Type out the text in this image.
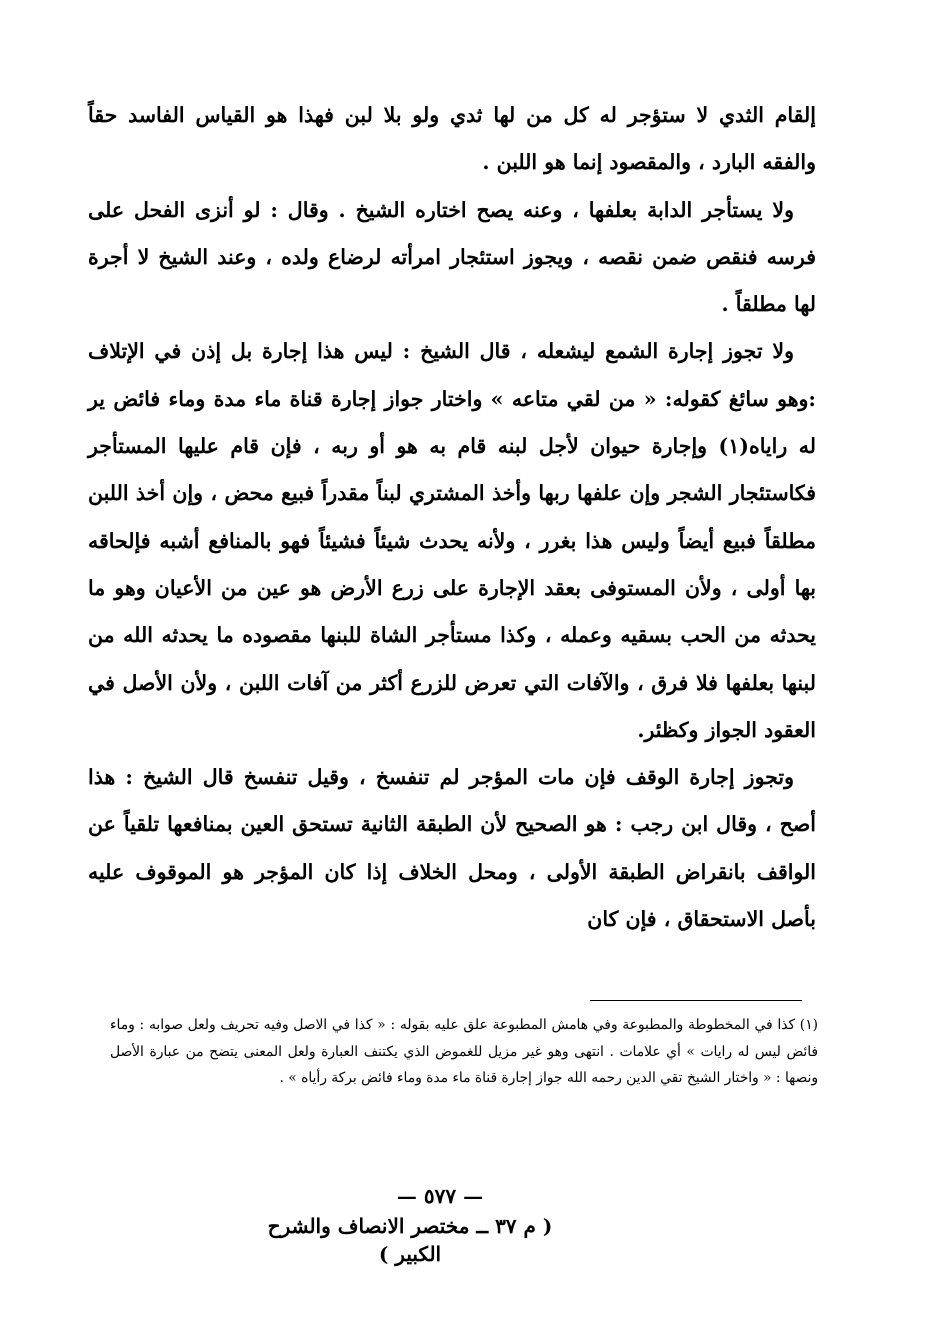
إلقام الثدي لا ستؤجر له كل من لها ثدي ولو بلا لبن فهذا هو القياس الفاسد حقاً والفقه البارد ، والمقصود إنما هو اللبن .

ولا يستأجر الدابة بعلفها ، وعنه يصح اختاره الشيخ . وقال : لو أنزى الفحل على فرسه فنقص ضمن نقصه ، ويجوز استئجار امرأته لرضاع ولده ، وعند الشيخ لا أجرة لها مطلقاً .

ولا تجوز إجارة الشمع ليشعله ، قال الشيخ : ليس هذا إجارة بل إذن في الإتلاف :وهو سائغ كقوله: « من لقي متاعه » واختار جواز إجارة قناة ماء مدة وماء فائض ير له راياه(١) وإجارة حيوان لأجل لبنه قام به هو أو ربه ، فإن قام عليها المستأجر فكاستئجار الشجر وإن علفها ربها وأخذ المشتري لبناً مقدراً فبيع محض ، وإن أخذ اللبن مطلقاً فبيع أيضاً وليس هذا بغرر ، ولأنه يحدث شيئاً فشيئاً فهو بالمنافع أشبه فإلحاقه بها أولى ، ولأن المستوفى بعقد الإجارة على زرع الأرض هو عين من الأعيان وهو ما يحدثه من الحب بسقيه وعمله ، وكذا مستأجر الشاة للبنها مقصوده ما يحدثه الله من لبنها بعلفها فلا فرق ، والآفات التي تعرض للزرع أكثر من آفات اللبن ، ولأن الأصل في العقود الجواز وكظئر.

وتجوز إجارة الوقف فإن مات المؤجر لم تنفسخ ، وقيل تنفسخ قال الشيخ : هذا أصح ، وقال ابن رجب : هو الصحيح لأن الطبقة الثانية تستحق العين بمنافعها تلقياً عن الواقف بانقراض الطبقة الأولى ، ومحل الخلاف إذا كان المؤجر هو الموقوف عليه بأصل الاستحقاق ، فإن كان

(١) كذا في المخطوطة والمطبوعة وفي هامش المطبوعة علق عليه بقوله : « كذا في الاصل وفيه تحريف ولعل صوابه : وماء فائض ليس له رايات » أي علامات . انتهى وهو غير مزيل للغموض الذي يكتنف العبارة ولعل المعنى يتضح من عبارة الأصل ونصها : « واختار الشيخ تقي الدين رحمه الله جواز إجارة قناة ماء مدة وماء فائض بركة رأياه » .

— ٥٧٧ —
( م ٣٧ ــ مختصر الانصاف والشرح الكبير )
